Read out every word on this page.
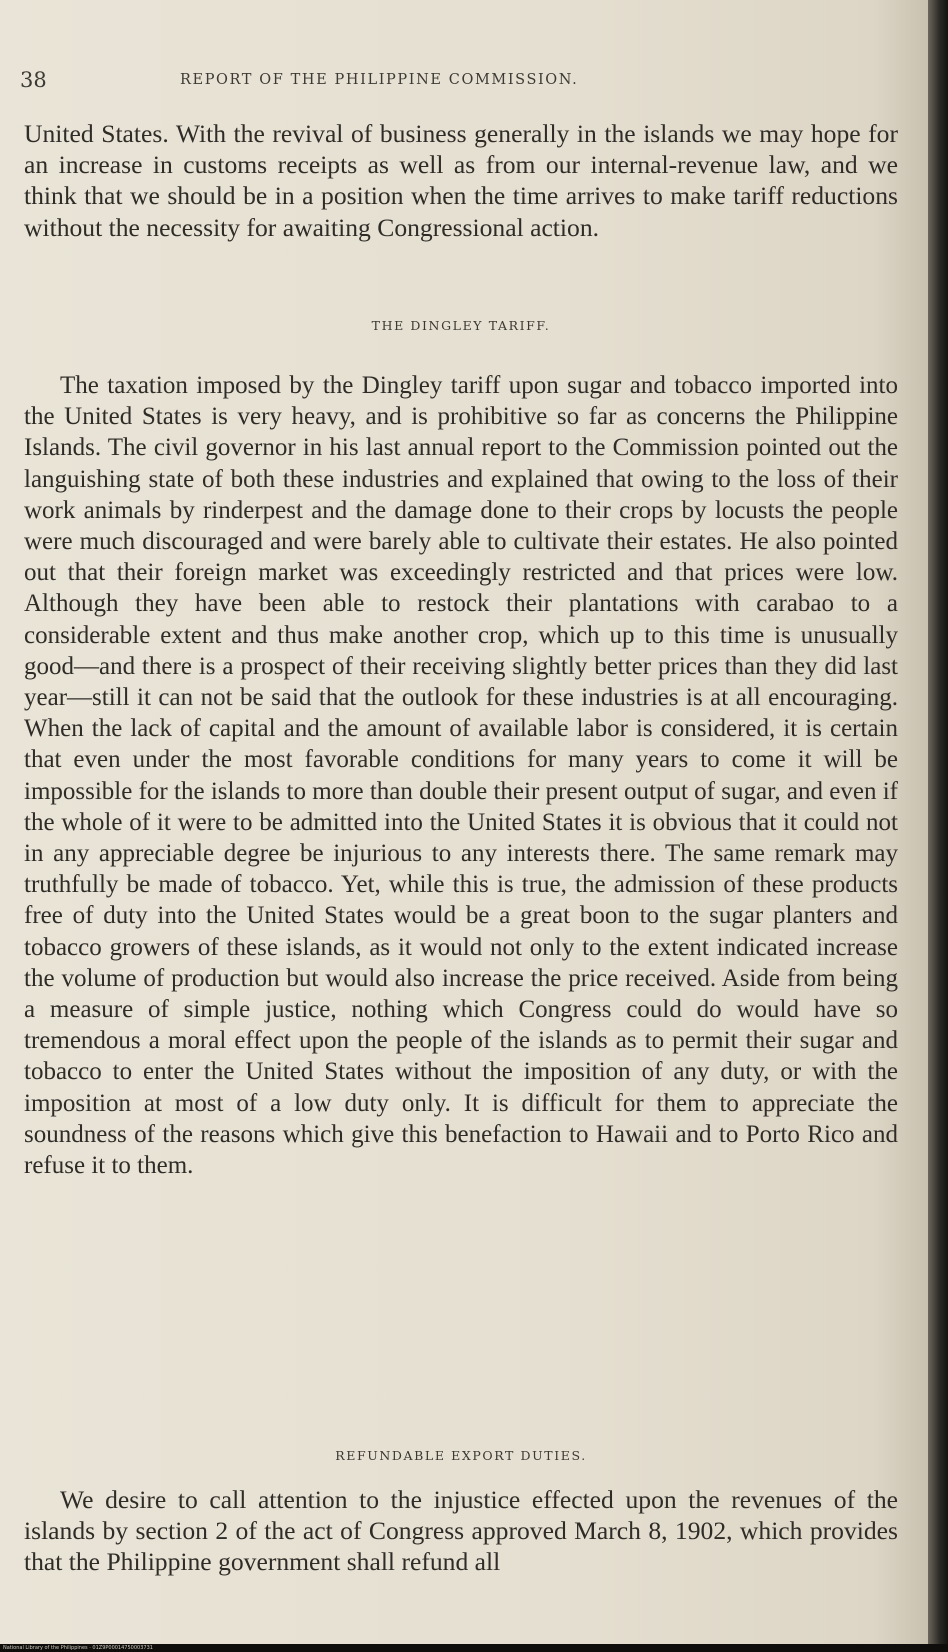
38	REPORT OF THE PHILIPPINE COMMISSION.

United States. With the revival of business generally in the islands we may hope for an increase in customs receipts as well as from our internal-revenue law, and we think that we should be in a position when the time arrives to make tariff reductions without the necessity for awaiting Congressional action.

THE DINGLEY TARIFF.

The taxation imposed by the Dingley tariff upon sugar and tobacco imported into the United States is very heavy, and is prohibitive so far as concerns the Philippine Islands. The civil governor in his last annual report to the Commission pointed out the languishing state of both these industries and explained that owing to the loss of their work animals by rinderpest and the damage done to their crops by locusts the people were much discouraged and were barely able to cultivate their estates. He also pointed out that their foreign market was exceedingly restricted and that prices were low. Although they have been able to restock their plantations with carabao to a considerable extent and thus make another crop, which up to this time is unusually good—and there is a prospect of their receiving slightly better prices than they did last year—still it can not be said that the outlook for these industries is at all encouraging. When the lack of capital and the amount of available labor is considered, it is certain that even under the most favorable conditions for many years to come it will be impossible for the islands to more than double their present output of sugar, and even if the whole of it were to be admitted into the United States it is obvious that it could not in any appreciable degree be injurious to any interests there. The same remark may truthfully be made of tobacco. Yet, while this is true, the admission of these products free of duty into the United States would be a great boon to the sugar planters and tobacco growers of these islands, as it would not only to the extent indicated increase the volume of production but would also increase the price received. Aside from being a measure of simple justice, nothing which Congress could do would have so tremendous a moral effect upon the people of the islands as to permit their sugar and tobacco to enter the United States without the imposition of any duty, or with the imposition at most of a low duty only. It is difficult for them to appreciate the soundness of the reasons which give this benefaction to Hawaii and to Porto Rico and refuse it to them.

REFUNDABLE EXPORT DUTIES.

We desire to call attention to the injustice effected upon the revenues of the islands by section 2 of the act of Congress approved March 8, 1902, which provides that the Philippine government shall refund all

National Library of the Philippines · 01Z9P00014750003731
